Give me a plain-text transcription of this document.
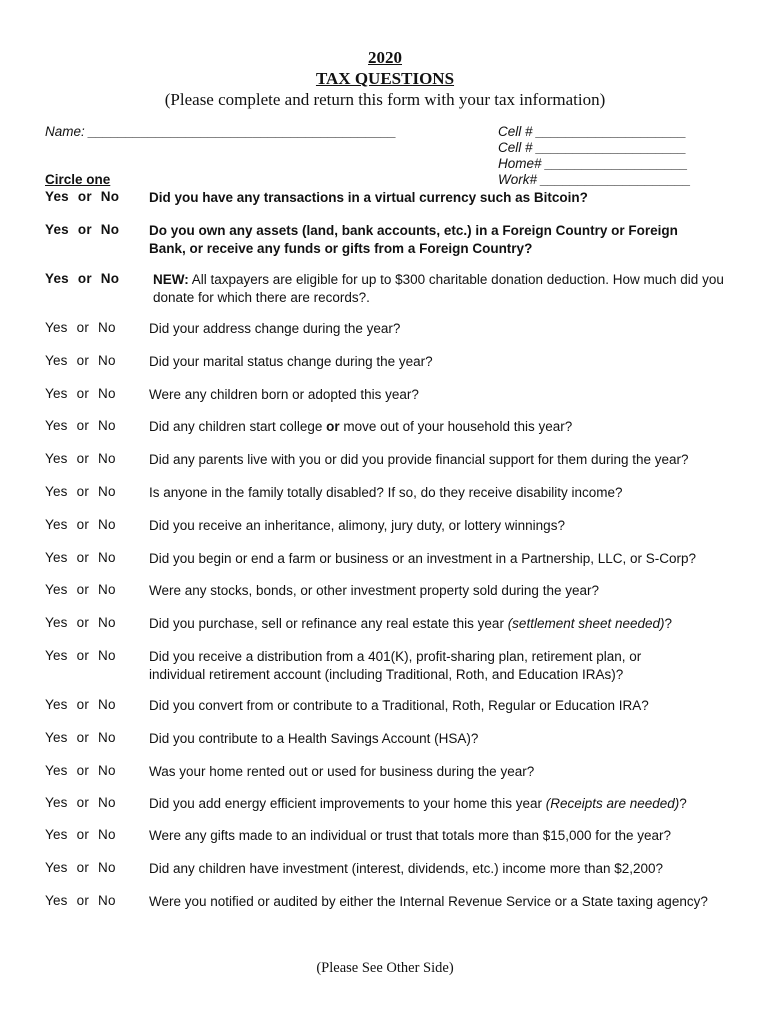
2020
TAX QUESTIONS
(Please complete and return this form with your tax information)
Name: _________________________________________	Cell # ____________________
Cell # ____________________
Home# ___________________
Work# ____________________
Circle one
Yes or No Did you have any transactions in a virtual currency such as Bitcoin?
Yes or No Do you own any assets (land, bank accounts, etc.) in a Foreign Country or Foreign Bank, or receive any funds or gifts from a Foreign Country?
Yes or No	NEW: All taxpayers are eligible for up to $300 charitable donation deduction. How much did you donate for which there are records?.
Yes or No Did your address change during the year?
Yes or No Did your marital status change during the year?
Yes or No Were any children born or adopted this year?
Yes or No Did any children start college or move out of your household this year?
Yes or No Did any parents live with you or did you provide financial support for them during the year?
Yes or No Is anyone in the family totally disabled? If so, do they receive disability income?
Yes or No Did you receive an inheritance, alimony, jury duty, or lottery winnings?
Yes or No Did you begin or end a farm or business or an investment in a Partnership, LLC, or S-Corp?
Yes or No Were any stocks, bonds, or other investment property sold during the year?
Yes or No Did you purchase, sell or refinance any real estate this year (settlement sheet needed)?
Yes or No Did you receive a distribution from a 401(K), profit-sharing plan, retirement plan, or individual retirement account (including Traditional, Roth, and Education IRAs)?
Yes or No Did you convert from or contribute to a Traditional, Roth, Regular or Education IRA?
Yes or No Did you contribute to a Health Savings Account (HSA)?
Yes or No Was your home rented out or used for business during the year?
Yes or No Did you add energy efficient improvements to your home this year (Receipts are needed)?
Yes or No Were any gifts made to an individual or trust that totals more than $15,000 for the year?
Yes or No Did any children have investment (interest, dividends, etc.) income more than $2,200?
Yes or No Were you notified or audited by either the Internal Revenue Service or a State taxing agency?
(Please See Other Side)
